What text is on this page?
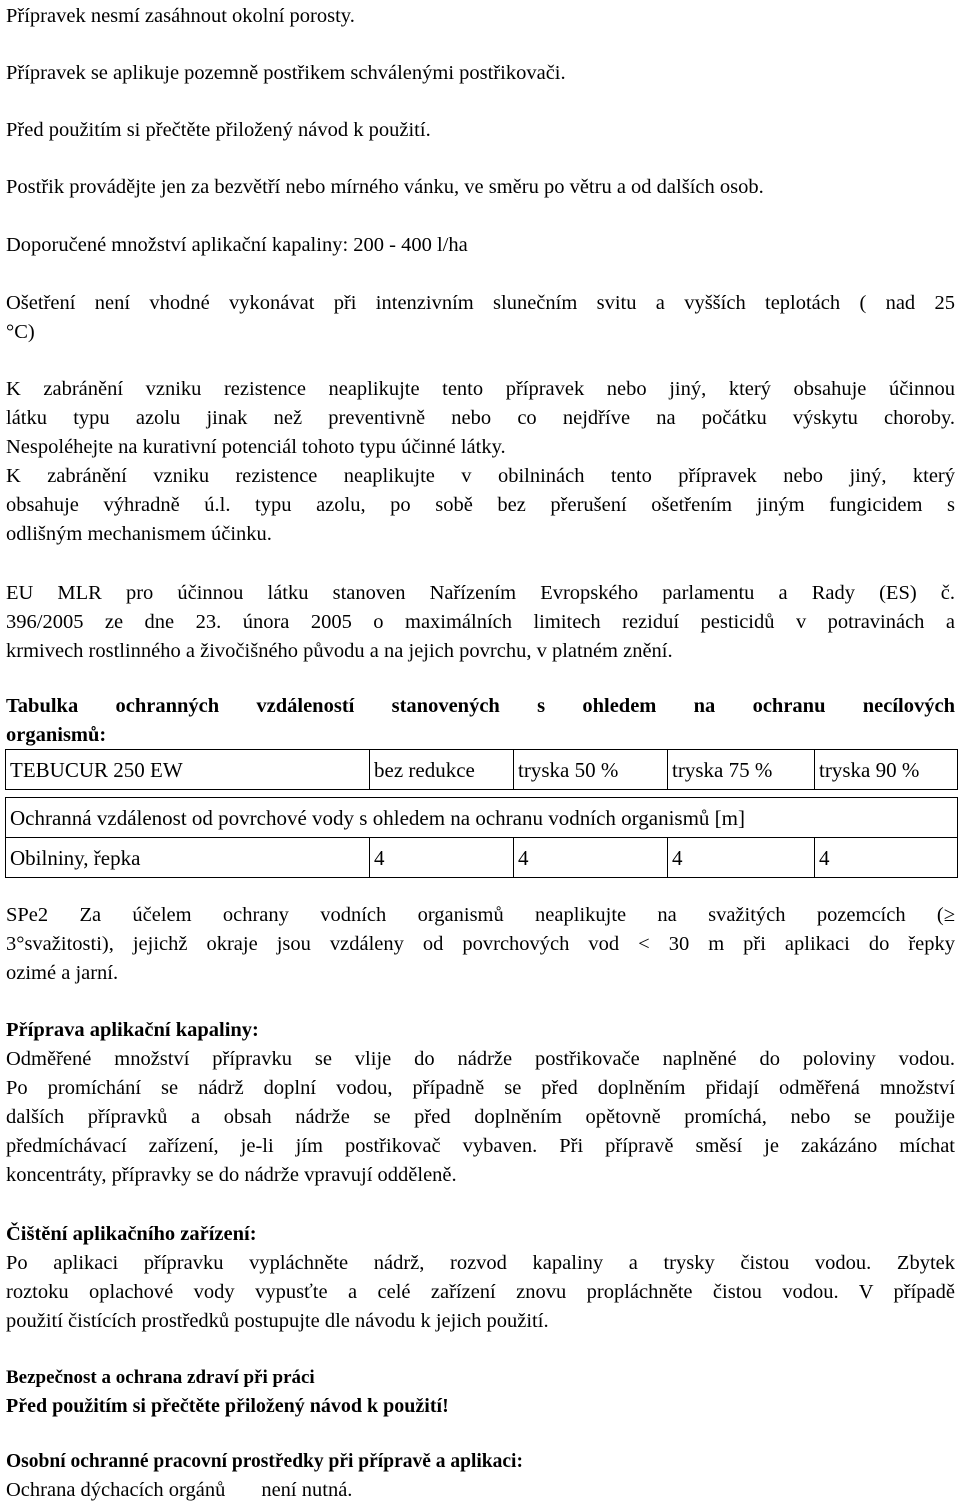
Přípravek nesmí zasáhnout okolní porosty.

Přípravek se aplikuje pozemně postřikem schválenými postřikovači.

Před použitím si přečtěte přiložený návod k použití.

Postřik provádějte jen za bezvětří nebo mírného vánku, ve směru po větru a od dalších osob.

Doporučené množství aplikační kapaliny: 200 - 400 l/ha

Ošetření není vhodné vykonávat při intenzivním slunečním svitu a vyšších teplotách ( nad 25
°C)
K zabránění vzniku rezistence neaplikujte tento přípravek nebo jiný, který obsahuje účinnou
látku typu azolu jinak než preventivně nebo co nejdříve na počátku výskytu choroby.
Nespoléhejte na kurativní potenciál tohoto typu účinné látky.
K zabránění vzniku rezistence neaplikujte v obilninách tento přípravek nebo jiný, který
obsahuje výhradně ú.l. typu azolu, po sobě bez přerušení ošetřením jiným fungicidem s
odlišným mechanismem účinku.
EU MLR pro účinnou látku stanoven Nařízením Evropského parlamentu a Rady (ES) č.
396/2005 ze dne 23. února 2005 o maximálních limitech reziduí pesticidů v potravinách a
krmivech rostlinného a živočišného původu a na jejich povrchu, v platném znění.
Tabulka ochranných vzdáleností stanovených s ohledem na ochranu necílových
organismů:
TEBUCUR 250 EW	bez redukce	tryska 50 %	tryska 75 %	tryska 90 %

Ochranná vzdálenost od povrchové vody s ohledem na ochranu vodních organismů [m]				
Obilniny, řepka	4	4	4	4
SPe2 Za účelem ochrany vodních organismů neaplikujte na svažitých pozemcích (≥
3°svažitosti), jejichž okraje jsou vzdáleny od povrchových vod < 30 m při aplikaci do řepky
ozimé a jarní.
Příprava aplikační kapaliny:
Odměřené množství přípravku se vlije do nádrže postřikovače naplněné do poloviny vodou.
Po promíchání se nádrž doplní vodou, případně se před doplněním přidají odměřená množství
dalších přípravků a obsah nádrže se před doplněním opětovně promíchá, nebo se použije
předmíchávací zařízení, je-li jím postřikovač vybaven. Při přípravě směsí je zakázáno míchat
koncentráty, přípravky se do nádrže vpravují odděleně.
Čištění aplikačního zařízení:
Po aplikaci přípravku vypláchněte nádrž, rozvod kapaliny a trysky čistou vodou. Zbytek
roztoku oplachové vody vypusťte a celé zařízení znovu propláchněte čistou vodou. V případě
použití čistících prostředků postupujte dle návodu k jejich použití.
Bezpečnost a ochrana zdraví při práci
Před použitím si přečtěte přiložený návod k použití!
Osobní ochranné pracovní prostředky při přípravě a aplikaci:
Ochrana dýchacích orgánů není nutná.
